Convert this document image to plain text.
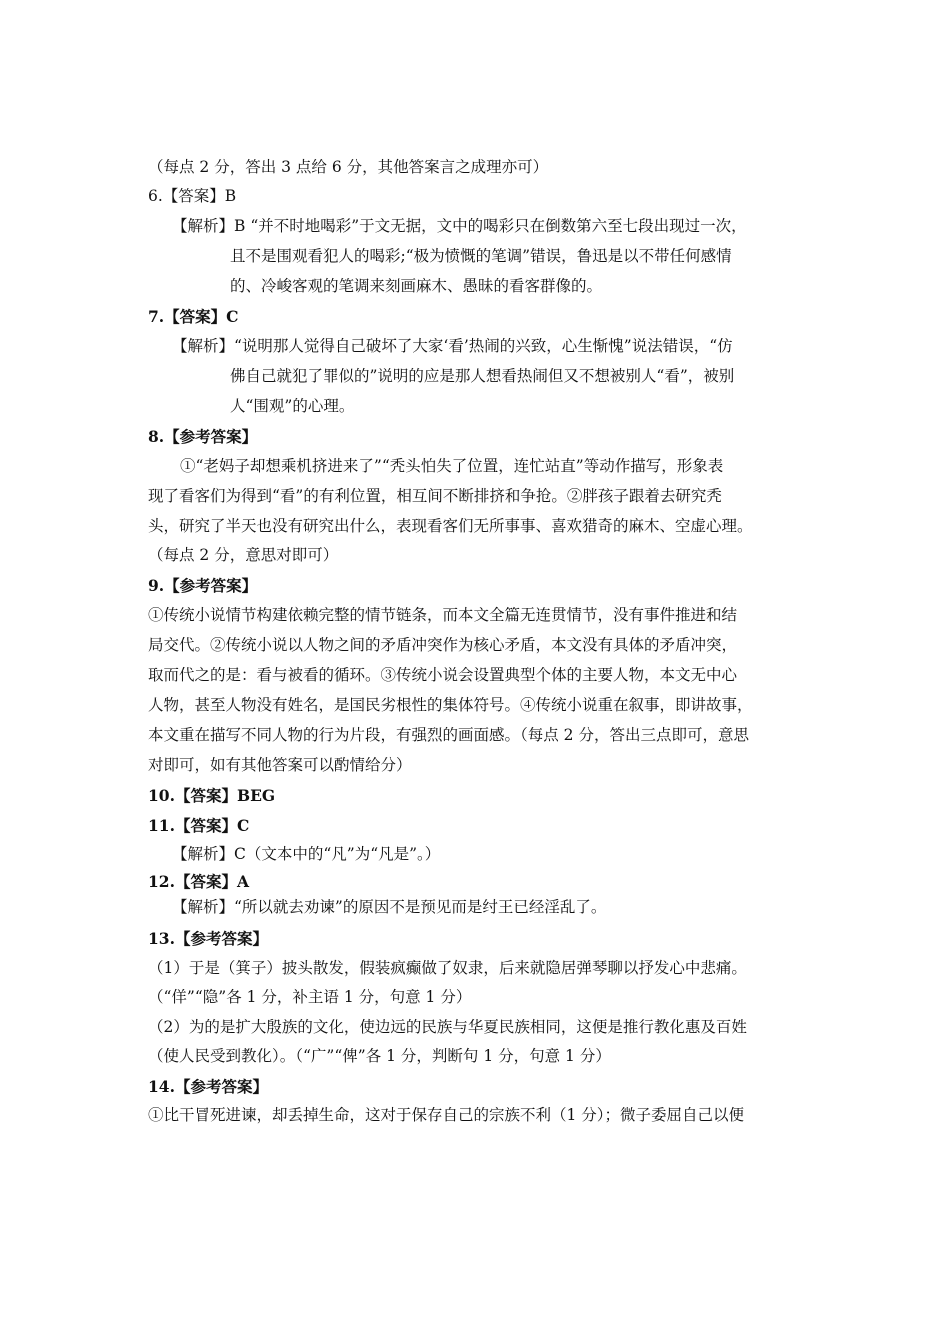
（每点 2 分，答出 3 点给 6 分，其他答案言之成理亦可）
6.【答案】B
【解析】B “并不时地喝彩”于文无据，文中的喝彩只在倒数第六至七段出现过一次，
且不是围观看犯人的喝彩;“极为愤慨的笔调”错误，鲁迅是以不带任何感情
的、冷峻客观的笔调来刻画麻木、愚昧的看客群像的。
7.【答案】C
【解析】“说明那人觉得自己破坏了大家‘看’热闹的兴致，心生惭愧”说法错误，“仿
佛自己就犯了罪似的”说明的应是那人想看热闹但又不想被别人“看”，被别
人“围观”的心理。
8.【参考答案】
①“老妈子却想乘机挤进来了”“秃头怕失了位置，连忙站直”等动作描写，形象表
现了看客们为得到“看”的有利位置，相互间不断排挤和争抢。②胖孩子跟着去研究秃
头，研究了半天也没有研究出什么，表现看客们无所事事、喜欢猎奇的麻木、空虚心理。
（每点 2 分，意思对即可）
9.【参考答案】
①传统小说情节构建依赖完整的情节链条，而本文全篇无连贯情节，没有事件推进和结
局交代。②传统小说以人物之间的矛盾冲突作为核心矛盾，本文没有具体的矛盾冲突，
取而代之的是：看与被看的循环。③传统小说会设置典型个体的主要人物，本文无中心
人物，甚至人物没有姓名，是国民劣根性的集体符号。④传统小说重在叙事，即讲故事，
本文重在描写不同人物的行为片段，有强烈的画面感。（每点 2 分，答出三点即可，意思
对即可，如有其他答案可以酌情给分）
10.【答案】BEG
11.【答案】C
【解析】C（文本中的“凡”为“凡是”。）
12.【答案】A
【解析】“所以就去劝谏”的原因不是预见而是纣王已经淫乱了。
13.【参考答案】
（1）于是（箕子）披头散发，假装疯癫做了奴隶，后来就隐居弹琴聊以抒发心中悲痛。
（“佯”“隐”各 1 分，补主语 1 分，句意 1 分）
（2）为的是扩大殷族的文化，使边远的民族与华夏民族相同，这便是推行教化惠及百姓
（使人民受到教化）。（“广”“俾”各 1 分，判断句 1 分，句意 1 分）
14.【参考答案】
①比干冒死进谏，却丢掉生命，这对于保存自己的宗族不利（1 分）；微子委屈自己以便
